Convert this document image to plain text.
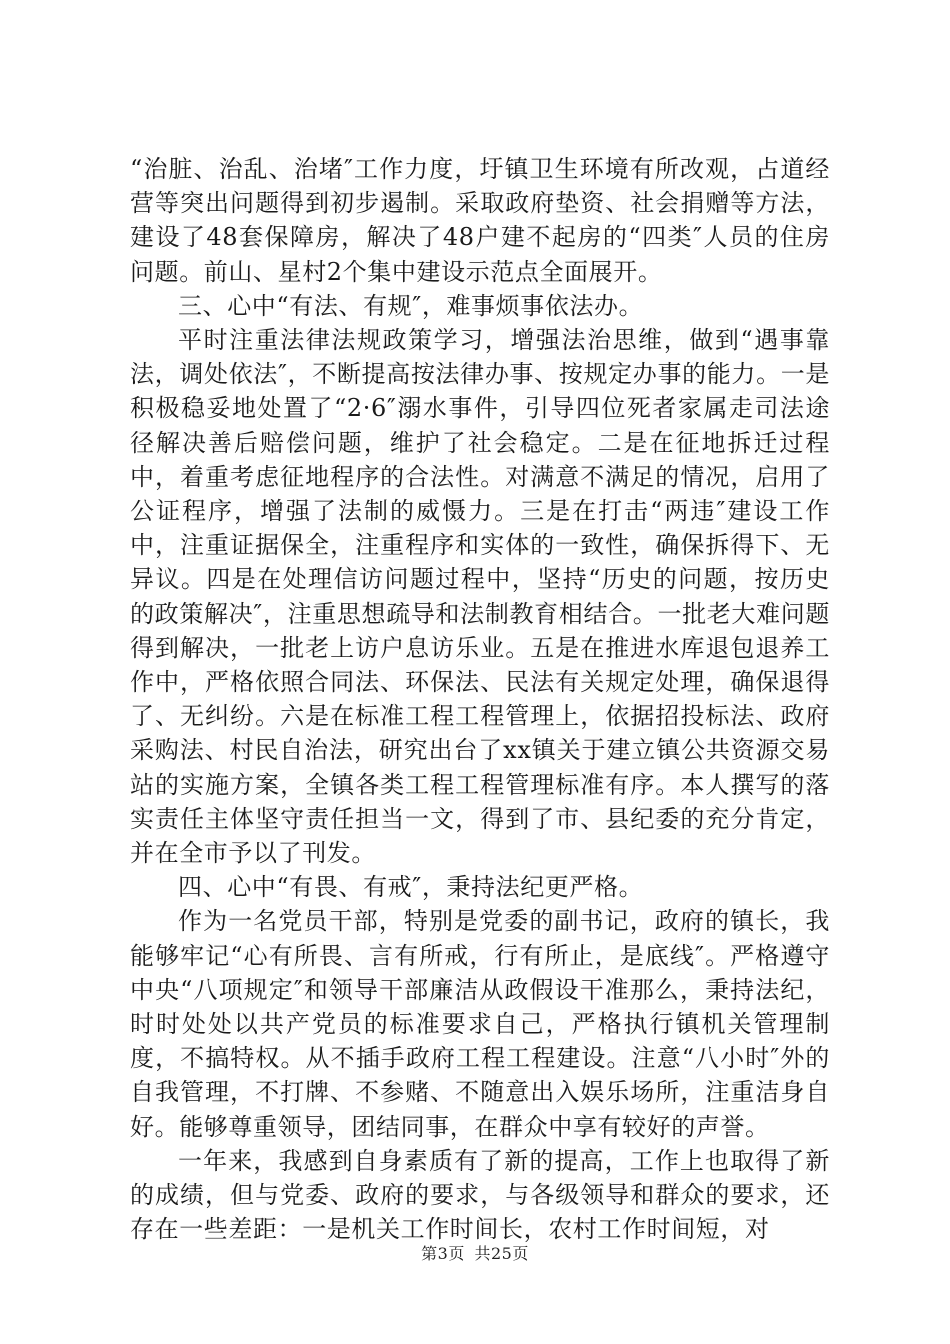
“治脏、治乱、治堵″工作力度，圩镇卫生环境有所改观，占道经营等突出问题得到初步遏制。采取政府垫资、社会捐赠等方法，建设了48套保障房，解决了48户建不起房的“四类″人员的住房问题。前山、星村2个集中建设示范点全面展开。

三、心中“有法、有规″，难事烦事依法办。

平时注重法律法规政策学习，增强法治思维，做到“遇事靠法，调处依法″，不断提高按法律办事、按规定办事的能力。一是积极稳妥地处置了“2·6″溺水事件，引导四位死者家属走司法途径解决善后赔偿问题，维护了社会稳定。二是在征地拆迁过程中，着重考虑征地程序的合法性。对满意不满足的情况，启用了公证程序，增强了法制的威慑力。三是在打击“两违″建设工作中，注重证据保全，注重程序和实体的一致性，确保拆得下、无异议。四是在处理信访问题过程中，坚持“历史的问题，按历史的政策解决″，注重思想疏导和法制教育相结合。一批老大难问题得到解决，一批老上访户息访乐业。五是在推进水库退包退养工作中，严格依照合同法、环保法、民法有关规定处理，确保退得了、无纠纷。六是在标准工程工程管理上，依据招投标法、政府采购法、村民自治法，研究出台了xx镇关于建立镇公共资源交易站的实施方案，全镇各类工程工程管理标准有序。本人撰写的落实责任主体坚守责任担当一文，得到了市、县纪委的充分肯定，并在全市予以了刊发。

四、心中“有畏、有戒″，秉持法纪更严格。

作为一名党员干部，特别是党委的副书记，政府的镇长，我能够牢记“心有所畏、言有所戒，行有所止，是底线″。严格遵守中央“八项规定″和领导干部廉洁从政假设干准那么，秉持法纪，时时处处以共产党员的标准要求自己，严格执行镇机关管理制度，不搞特权。从不插手政府工程工程建设。注意“八小时″外的自我管理，不打牌、不参赌、不随意出入娱乐场所，注重洁身自好。能够尊重领导，团结同事，在群众中享有较好的声誉。

一年来，我感到自身素质有了新的提高，工作上也取得了新的成绩，但与党委、政府的要求，与各级领导和群众的要求，还存在一些差距：一是机关工作时间长，农村工作时间短，对

第3页 共25页
